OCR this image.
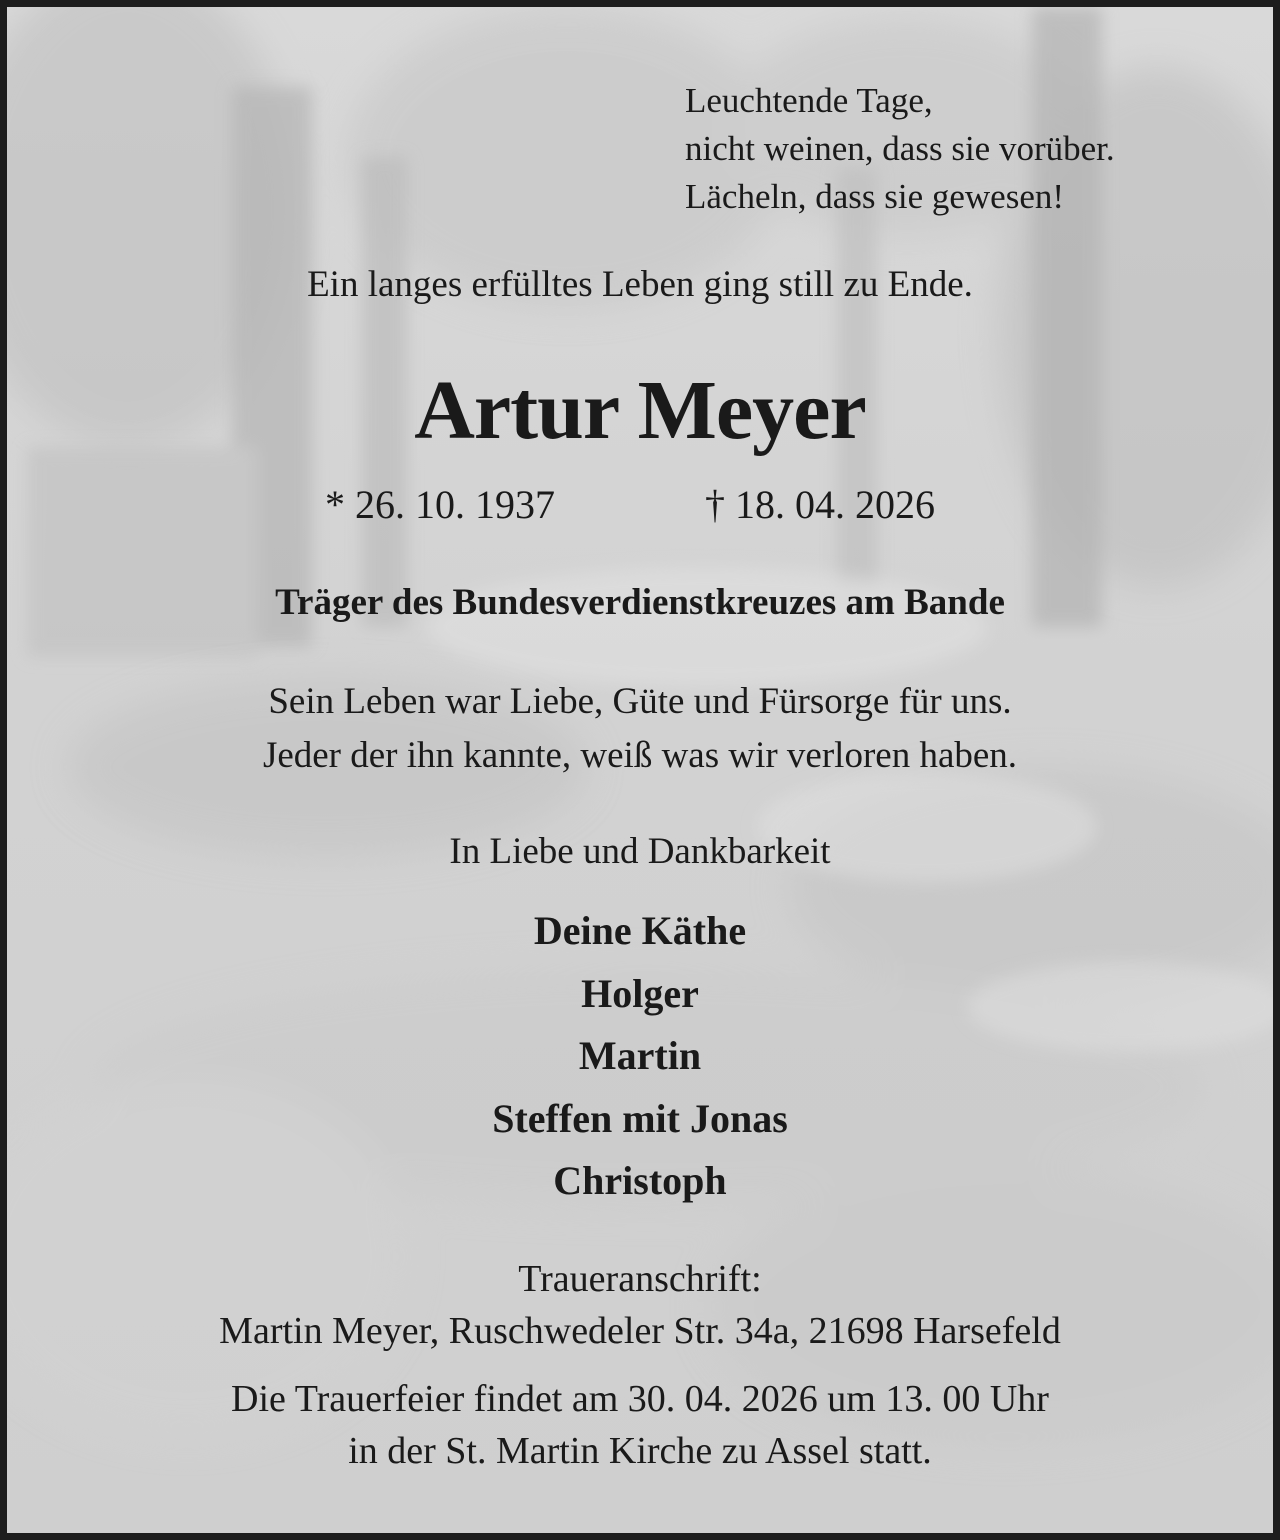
Leuchtende Tage,
nicht weinen, dass sie vorüber.
Lächeln, dass sie gewesen!
Ein langes erfülltes Leben ging still zu Ende.
Artur Meyer
* 26. 10. 1937	† 18. 04. 2026
Träger des Bundesverdienstkreuzes am Bande
Sein Leben war Liebe, Güte und Fürsorge für uns.
Jeder der ihn kannte, weiß was wir verloren haben.
In Liebe und Dankbarkeit
Deine Käthe
Holger
Martin
Steffen mit Jonas
Christoph
Traueranschrift:
Martin Meyer, Ruschwedeler Str. 34a, 21698 Harsefeld
Die Trauerfeier findet am 30. 04. 2026 um 13. 00 Uhr
in der St. Martin Kirche zu Assel statt.
